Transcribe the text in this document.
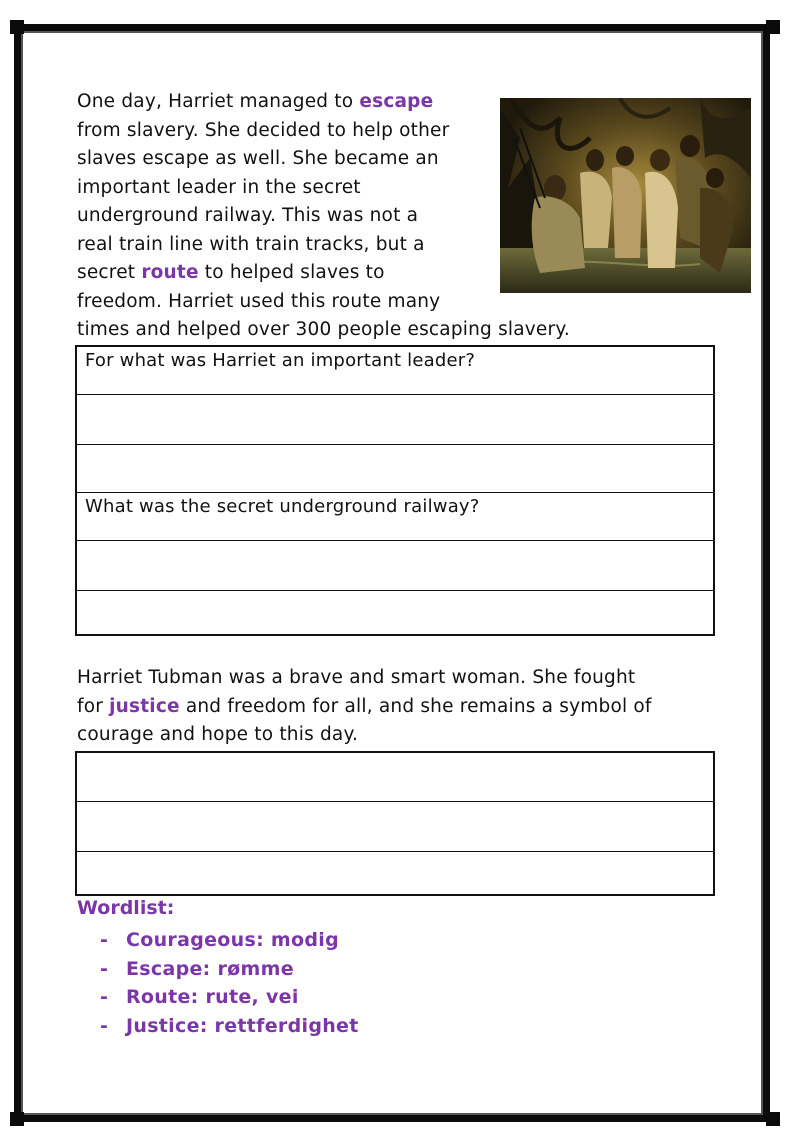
One day, Harriet managed to escape
from slavery. She decided to help other
slaves escape as well. She became an
important leader in the secret
underground railway. This was not a
real train line with train tracks, but a
secret route to helped slaves to
freedom. Harriet used this route many
times and helped over 300 people escaping slavery.
For what was Harriet an important leader?
What was the secret underground railway?
Harriet Tubman was a brave and smart woman. She fought
for justice and freedom for all, and she remains a symbol of
courage and hope to this day.
Wordlist:
- Courageous: modig
- Escape: rømme
- Route: rute, vei
- Justice: rettferdighet
